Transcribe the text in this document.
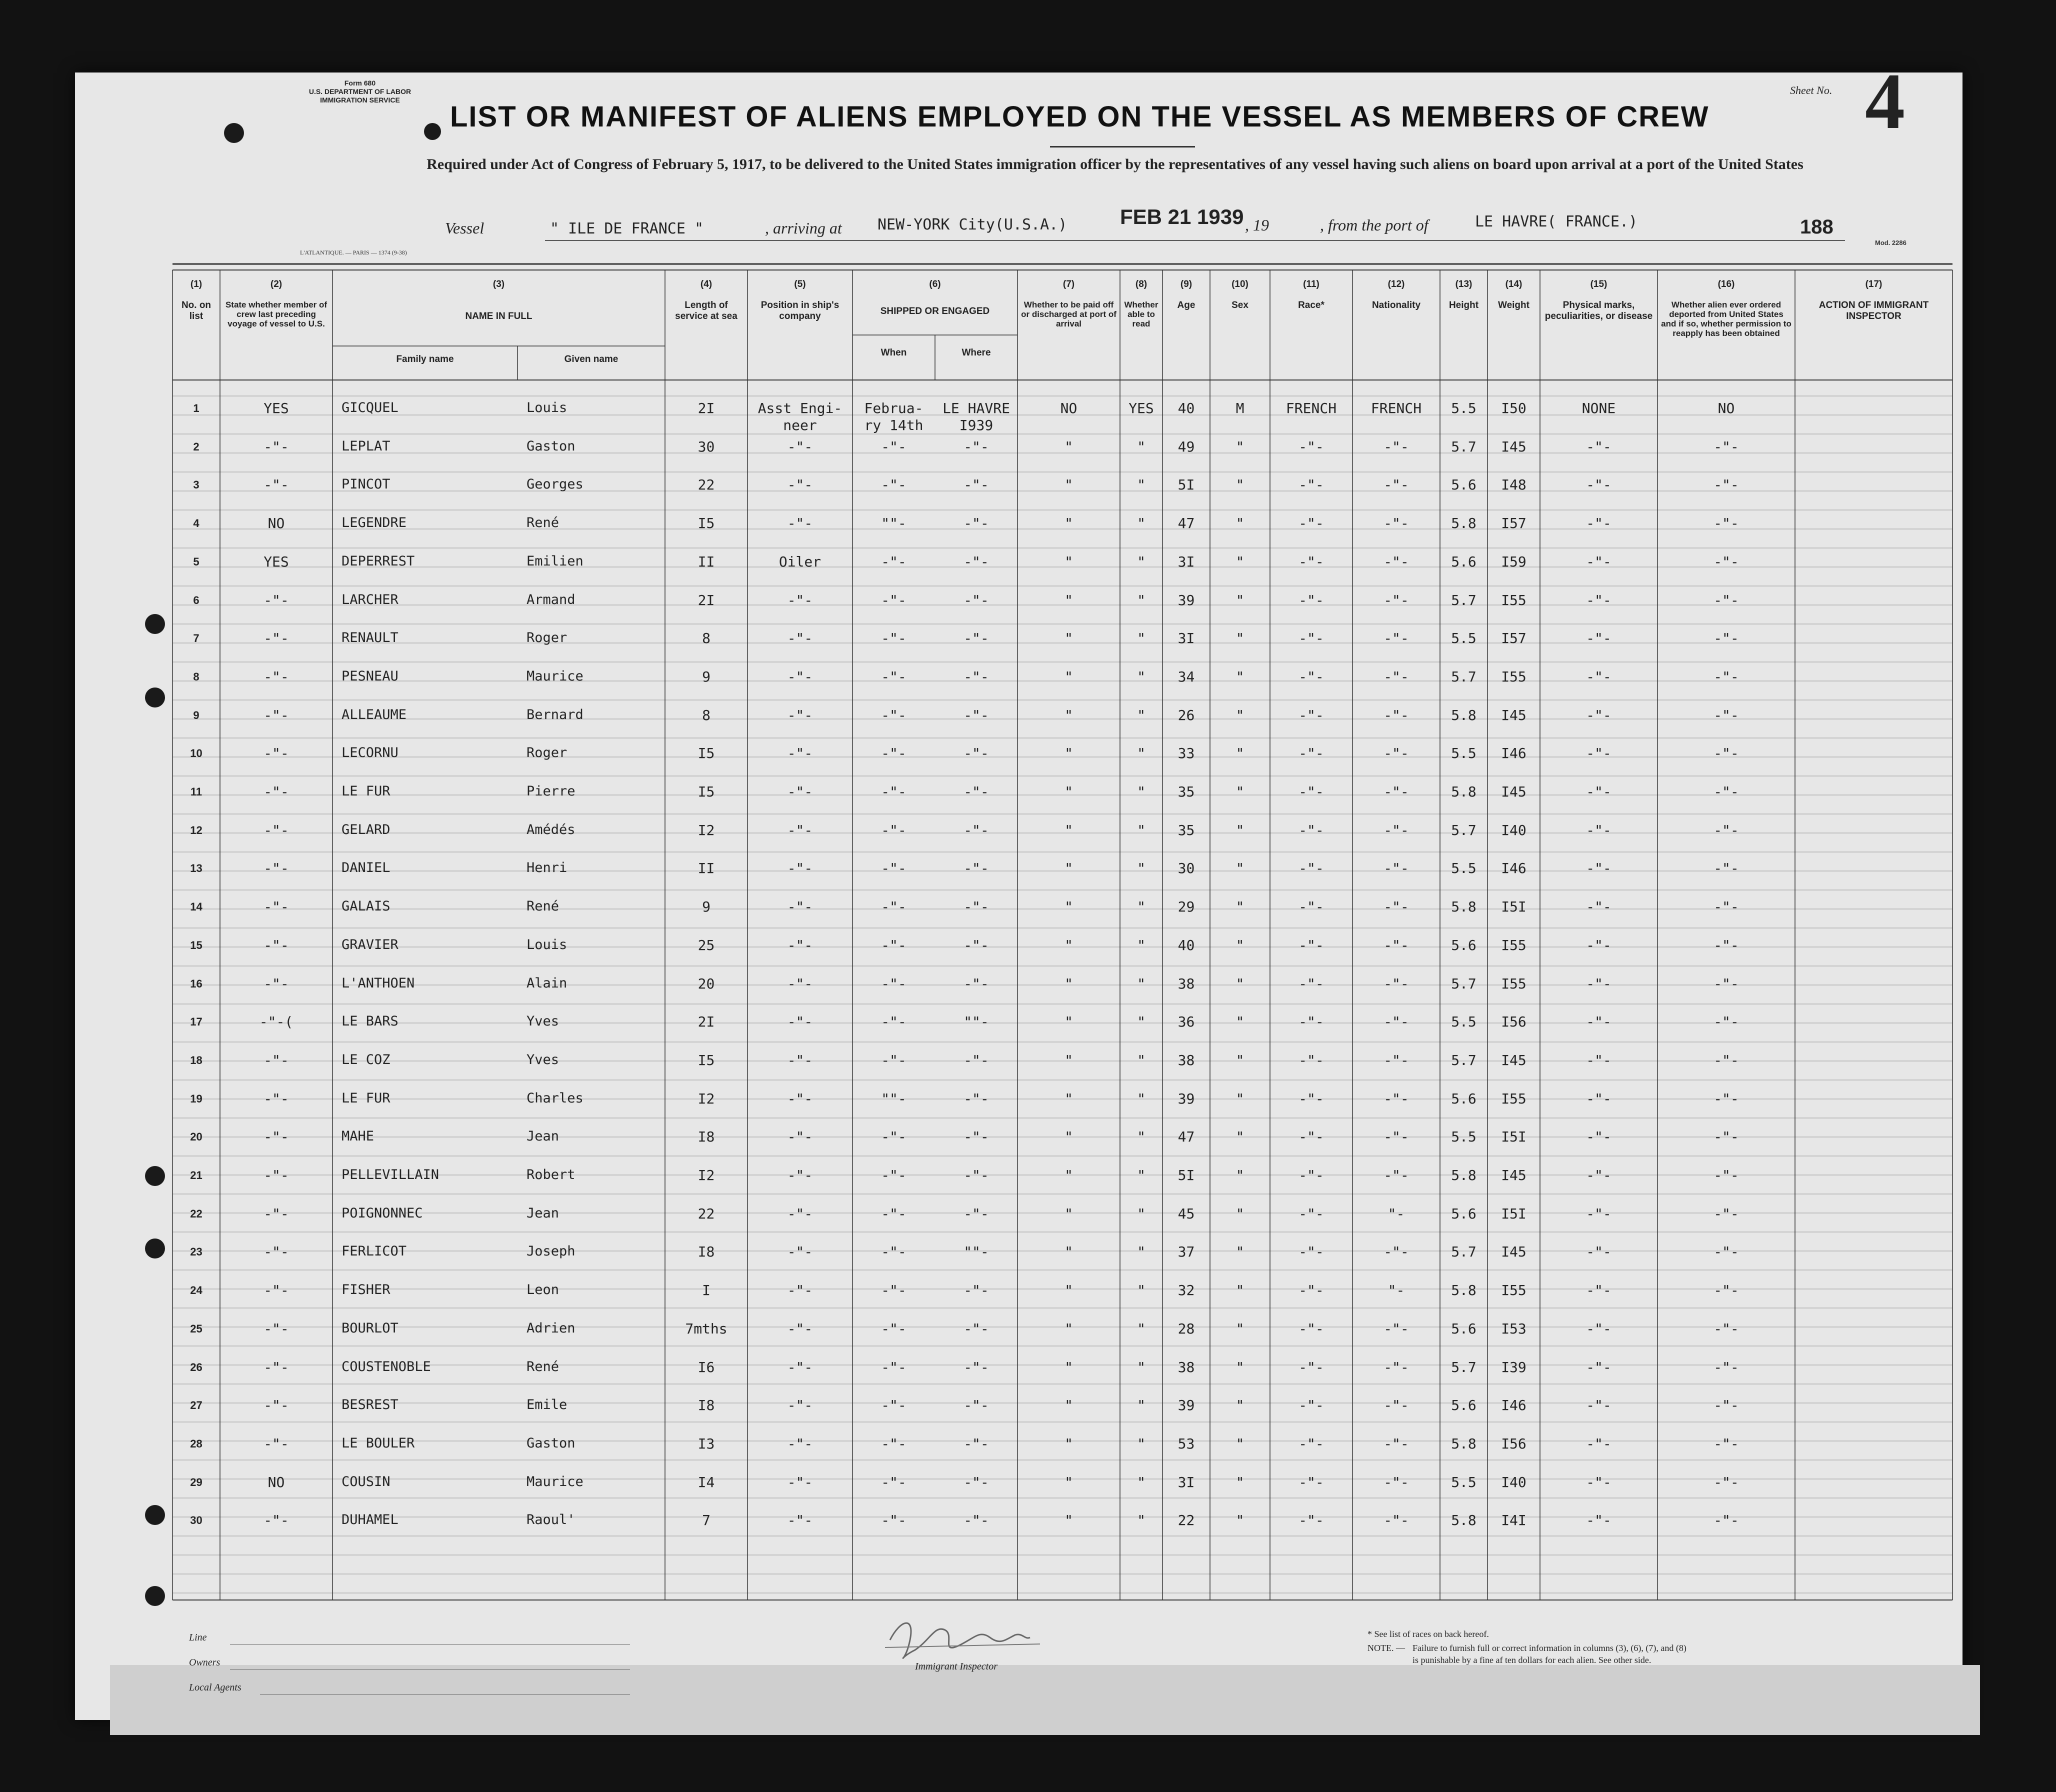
Form 680
U.S. DEPARTMENT OF LABOR
IMMIGRATION SERVICE
LIST OR MANIFEST OF ALIENS EMPLOYED ON THE VESSEL AS MEMBERS OF CREW
Required under Act of Congress of February 5, 1917, to be delivered to the United States immigration officer by the representatives of any vessel having such aliens on board upon arrival at a port of the United States
Sheet No. 4
Vessel	" ILE DE FRANCE "	, arriving at NEW-YORK City(U.S.A.)	FEB 21 1939 , 19	, from the port of	LE HAVRE( FRANCE.)	188
L'ATLANTIQUE. — PARIS — 1374 (9-38)
Mod. 2286
(1)
No. on list
(2)
State whether member of crew last preceding voyage of vessel to U.S.
(3)
NAME IN FULL
(4)
Length of service at sea
(5)
Position in ship's company
(6)
SHIPPED OR ENGAGED
(7)
Whether to be paid off or discharged at port of arrival
(8)
Whether able to read
(9)
Age
(10)
Sex
(11)
Race*
(12)
Nationality
(13)
Height
(14)
Weight
(15)
Physical marks, peculiarities, or disease
(16)
Whether alien ever ordered deported from United States and if so, whether permission to reapply has been obtained
(17)
ACTION OF IMMIGRANT INSPECTOR
Family name	Given name
When	Where
1	YES	GICQUEL	Louis	2I	Asst Engi-	Februa-	LE HAVRE	NO	YES	40	M	FRENCH	FRENCH	5.5	I50	NONE	NO
neer	ry 14th	I939
2	-"-	LEPLAT	Gaston	30	-"-	-"-	-"-	"	"	49	"	-"-	-"-	5.7	I45	-"-	-"-
3	-"-	PINCOT	Georges	22	-"-	-"-	-"-	"	"	5I	"	-"-	-"-	5.6	I48	-"-	-"-
4	NO	LEGENDRE	René	I5	-"-	""-	-"-	"	"	47	"	-"-	-"-	5.8	I57	-"-	-"-
5	YES	DEPERREST	Emilien	II	Oiler	-"-	-"-	"	"	3I	"	-"-	-"-	5.6	I59	-"-	-"-
6	-"-	LARCHER	Armand	2I	-"-	-"-	-"-	"	"	39	"	-"-	-"-	5.7	I55	-"-	-"-
7	-"-	RENAULT	Roger	8	-"-	-"-	-"-	"	"	3I	"	-"-	-"-	5.5	I57	-"-	-"-
8	-"-	PESNEAU	Maurice	9	-"-	-"-	-"-	"	"	34	"	-"-	-"-	5.7	I55	-"-	-"-
9	-"-	ALLEAUME	Bernard	8	-"-	-"-	-"-	"	"	26	"	-"-	-"-	5.8	I45	-"-	-"-
10	-"-	LECORNU	Roger	I5	-"-	-"-	-"-	"	"	33	"	-"-	-"-	5.5	I46	-"-	-"-
11	-"-	LE FUR	Pierre	I5	-"-	-"-	-"-	"	"	35	"	-"-	-"-	5.8	I45	-"-	-"-
12	-"-	GELARD	Amédés	I2	-"-	-"-	-"-	"	"	35	"	-"-	-"-	5.7	I40	-"-	-"-
13	-"-	DANIEL	Henri	II	-"-	-"-	-"-	"	"	30	"	-"-	-"-	5.5	I46	-"-	-"-
14	-"-	GALAIS	René	9	-"-	-"-	-"-	"	"	29	"	-"-	-"-	5.8	I5I	-"-	-"-
15	-"-	GRAVIER	Louis	25	-"-	-"-	-"-	"	"	40	"	-"-	-"-	5.6	I55	-"-	-"-
16	-"-	L'ANTHOEN	Alain	20	-"-	-"-	-"-	"	"	38	"	-"-	-"-	5.7	I55	-"-	-"-
17	-"-(	LE BARS	Yves	2I	-"-	-"-	""-	"	"	36	"	-"-	-"-	5.5	I56	-"-	-"-
18	-"-	LE COZ	Yves	I5	-"-	-"-	-"-	"	"	38	"	-"-	-"-	5.7	I45	-"-	-"-
19	-"-	LE FUR	Charles	I2	-"-	""-	-"-	"	"	39	"	-"-	-"-	5.6	I55	-"-	-"-
20	-"-	MAHE	Jean	I8	-"-	-"-	-"-	"	"	47	"	-"-	-"-	5.5	I5I	-"-	-"-
21	-"-	PELLEVILLAIN	Robert	I2	-"-	-"-	-"-	"	"	5I	"	-"-	-"-	5.8	I45	-"-	-"-
22	-"-	POIGNONNEC	Jean	22	-"-	-"-	-"-	"	"	45	"	-"-	"-	5.6	I5I	-"-	-"-
23	-"-	FERLICOT	Joseph	I8	-"-	-"-	""-	"	"	37	"	-"-	-"-	5.7	I45	-"-	-"-
24	-"-	FISHER	Leon	I	-"-	-"-	-"-	"	"	32	"	-"-	"-	5.8	I55	-"-	-"-
25	-"-	BOURLOT	Adrien	7mths	-"-	-"-	-"-	"	"	28	"	-"-	-"-	5.6	I53	-"-	-"-
26	-"-	COUSTENOBLE	René	I6	-"-	-"-	-"-	"	"	38	"	-"-	-"-	5.7	I39	-"-	-"-
27	-"-	BESREST	Emile	I8	-"-	-"-	-"-	"	"	39	"	-"-	-"-	5.6	I46	-"-	-"-
28	-"-	LE BOULER	Gaston	I3	-"-	-"-	-"-	"	"	53	"	-"-	-"-	5.8	I56	-"-	-"-
29	NO	COUSIN	Maurice	I4	-"-	-"-	-"-	"	"	3I	"	-"-	-"-	5.5	I40	-"-	-"-
30	-"-	DUHAMEL	Raoul'	7	-"-	-"-	-"-	"	"	22	"	-"-	-"-	5.8	I4I	-"-	-"-
Line
Owners
Local Agents
Immigrant Inspector
* See list of races on back hereof.
NOTE. — Failure to furnish full or correct information in columns (3), (6), (7), and (8)
is punishable by a fine af ten dollars for each alien. See other side.
